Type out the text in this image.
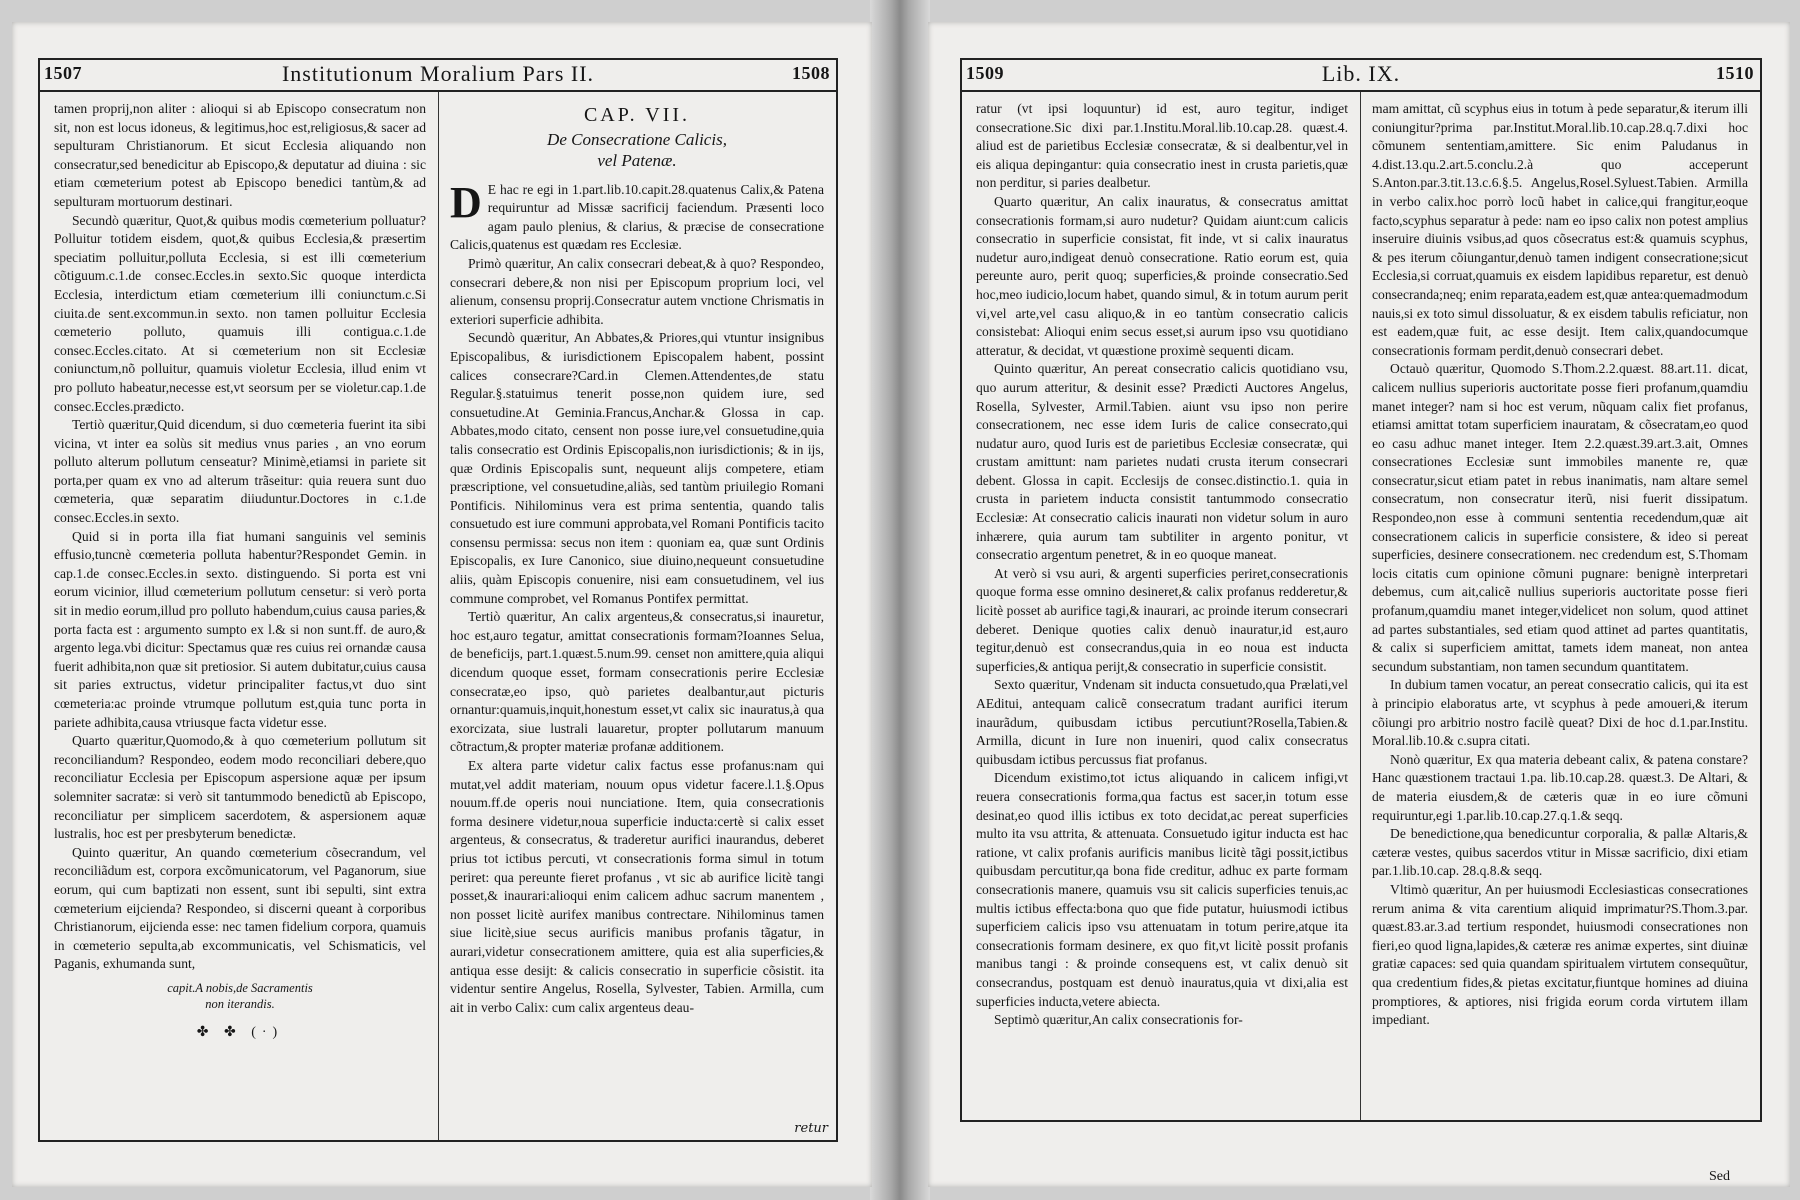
1507	Institutionum Moralium Pars II.	1508

tamen proprij,non aliter : alioqui si ab Episcopo consecratum non sit, non est locus idoneus, & legitimus,hoc est,religiosus,& sacer ad sepulturam Christianorum. Et sicut Ecclesia aliquando non consecratur,sed benedicitur ab Episcopo,& deputatur ad diuina : sic etiam cœmeterium potest ab Episcopo benedici tantùm,& ad sepulturam mortuorum destinari.

Secundò quæritur, Quot,& quibus modis cœmeterium polluatur? Polluitur totidem eisdem, quot,& quibus Ecclesia,& præsertim speciatim polluitur,polluta Ecclesia, si est illi cœmeterium cõtiguum.c.1.de consec.Eccles.in sexto.Sic quoque interdicta Ecclesia, interdictum etiam cœmeterium illi coniunctum.c.Si ciuita.de sent.excommun.in sexto. non tamen polluitur Ecclesia cœmeterio polluto, quamuis illi contigua.c.1.de consec.Eccles.citato. At si cœmeterium non sit Ecclesiæ coniunctum,nõ polluitur, quamuis violetur Ecclesia, illud enim vt pro polluto habeatur,necesse est,vt seorsum per se violetur.cap.1.de consec.Eccles.prædicto.

Tertiò quæritur,Quid dicendum, si duo cœmeteria fuerint ita sibi vicina, vt inter ea solùs sit medius vnus paries , an vno eorum polluto alterum pollutum censeatur? Minimè,etiamsi in pariete sit porta,per quam ex vno ad alterum trãseitur: quia reuera sunt duo cœmeteria, quæ separatim diiuduntur.Doctores in c.1.de consec.Eccles.in sexto.

Quid si in porta illa fiat humani sanguinis vel seminis effusio,tuncnè cœmeteria polluta habentur?Respondet Gemin. in cap.1.de consec.Eccles.in sexto. distinguendo. Si porta est vni eorum vicinior, illud cœmeterium pollutum censetur: si verò porta sit in medio eorum,illud pro polluto habendum,cuius causa paries,& porta facta est : argumento sumpto ex l.& si non sunt.ff. de auro,& argento lega.vbi dicitur: Spectamus quæ res cuius rei ornandæ causa fuerit adhibita,non quæ sit pretiosior. Si autem dubitatur,cuius causa sit paries extructus, videtur principaliter factus,vt duo sint cœmeteria:ac proinde vtrumque pollutum est,quia tunc porta in pariete adhibita,causa vtriusque facta videtur esse.

Quarto quæritur,Quomodo,& à quo cœmeterium pollutum sit reconciliandum? Respondeo, eodem modo reconciliari debere,quo reconciliatur Ecclesia per Episcopum aspersione aquæ per ipsum solemniter sacratæ: si verò sit tantummodo benedictũ ab Episcopo, reconciliatur per simplicem sacerdotem, & aspersionem aquæ lustralis, hoc est per presbyterum benedictæ.

Quinto quæritur, An quando cœmeterium cõsecrandum, vel reconciliãdum est, corpora excõmunicatorum, vel Paganorum, siue eorum, qui cum baptizati non essent, sunt ibi sepulti, sint extra cœmeterium eijcienda? Respondeo, si discerni queant à corporibus Christianorum, eijcienda esse: nec tamen fidelium corpora, quamuis in cœmeterio sepulta,ab excommunicatis, vel Schismaticis, vel Paganis, exhumanda sunt,

capit.A nobis,de Sacramentis
non iterandis.
✤ ✤ (·)
CAP. VII.
De Consecratione Calicis,
vel Patenæ.

D E hac re egi in 1.part.lib.10.capit.28.quatenus Calix,& Patena requiruntur ad Missæ sacrificij faciendum. Præsenti loco agam paulo plenius, & clarius, & præcise de consecratione Calicis,quatenus est quædam res Ecclesiæ.

Primò quæritur, An calix consecrari debeat,& à quo? Respondeo, consecrari debere,& non nisi per Episcopum proprium loci, vel alienum, consensu proprij.Consecratur autem vnctione Chrismatis in exteriori superficie adhibita.

Secundò quæritur, An Abbates,& Priores,qui vtuntur insignibus Episcopalibus, & iurisdictionem Episcopalem habent, possint calices consecrare?Card.in Clemen.Attendentes,de statu Regular.§.statuimus tenerit posse,non quidem iure, sed consuetudine.At Geminia.Francus,Anchar.& Glossa in cap. Abbates,modo citato, censent non posse iure,vel consuetudine,quia talis consecratio est Ordinis Episcopalis,non iurisdictionis; & in ijs, quæ Ordinis Episcopalis sunt, nequeunt alijs competere, etiam præscriptione, vel consuetudine,aliàs, sed tantùm priuilegio Romani Pontificis. Nihilominus vera est prima sententia, quando talis consuetudo est iure communi approbata,vel Romani Pontificis tacito consensu permissa: secus non item : quoniam ea, quæ sunt Ordinis Episcopalis, ex Iure Canonico, siue diuino,nequeunt consuetudine aliis, quàm Episcopis conuenire, nisi eam consuetudinem, vel ius commune comprobet, vel Romanus Pontifex permittat.

Tertiò quæritur, An calix argenteus,& consecratus,si inauretur, hoc est,auro tegatur, amittat consecrationis formam?Ioannes Selua, de beneficijs, part.1.quæst.5.num.99. censet non amittere,quia aliqui dicendum quoque esset, formam consecrationis perire Ecclesiæ consecratæ,eo ipso, quò parietes dealbantur,aut picturis ornantur:quamuis,inquit,honestum esset,vt calix sic inauratus,à qua exorcizata, siue lustrali lauaretur, propter pollutarum manuum cõtractum,& propter materiæ profanæ additionem.

Ex altera parte videtur calix factus esse profanus:nam qui mutat,vel addit materiam, nouum opus videtur facere.l.1.§.Opus nouum.ff.de operis noui nunciatione. Item, quia consecrationis forma desinere videtur,noua superficie inducta:certè si calix esset argenteus, & consecratus, & traderetur aurifici inaurandus, deberet prius tot ictibus percuti, vt consecrationis forma simul in totum periret: qua pereunte fieret profanus , vt sic ab aurifice licitè tangi posset,& inaurari:alioqui enim calicem adhuc sacrum manentem , non posset licitè aurifex manibus contrectare. Nihilominus tamen siue licitè,siue secus aurificis manibus profanis tãgatur, in aurari,videtur consecrationem amittere, quia est alia superficies,& antiqua esse desijt: & calicis consecratio in superficie cõsistit. ita videntur sentire Angelus, Rosella, Sylvester, Tabien. Armilla, cum ait in verbo Calix: cum calix argenteus deau-

retur
1509	Lib. IX.	1510

ratur (vt ipsi loquuntur) id est, auro tegitur, indiget consecratione.Sic dixi par.1.Institu.Moral.lib.10.cap.28. quæst.4. aliud est de parietibus Ecclesiæ consecratæ, & si dealbentur,vel in eis aliqua depingantur: quia consecratio inest in crusta parietis,quæ non perditur, si paries dealbetur.

Quarto quæritur, An calix inauratus, & consecratus amittat consecrationis formam,si auro nudetur? Quidam aiunt:cum calicis consecratio in superficie consistat, fit inde, vt si calix inauratus nudetur auro,indigeat denuò consecratione. Ratio eorum est, quia pereunte auro, perit quoq; superficies,& proinde consecratio.Sed hoc,meo iudicio,locum habet, quando simul, & in totum aurum perit vi,vel arte,vel casu aliquo,& in eo tantùm consecratio calicis consistebat: Alioqui enim secus esset,si aurum ipso vsu quotidiano atteratur, & decidat, vt quæstione proximè sequenti dicam.

Quinto quæritur, An pereat consecratio calicis quotidiano vsu, quo aurum atteritur, & desinit esse? Prædicti Auctores Angelus, Rosella, Sylvester, Armil.Tabien. aiunt vsu ipso non perire consecrationem, nec esse idem Iuris de calice consecrato,qui nudatur auro, quod Iuris est de parietibus Ecclesiæ consecratæ, qui crustam amittunt: nam parietes nudati crusta iterum consecrari debent. Glossa in capit. Ecclesijs de consec.distinctio.1. quia in crusta in parietem inducta consistit tantummodo consecratio Ecclesiæ: At consecratio calicis inaurati non videtur solum in auro inhærere, quia aurum tam subtiliter in argento ponitur, vt consecratio argentum penetret, & in eo quoque maneat.

At verò si vsu auri, & argenti superficies periret,consecrationis quoque forma esse omnino desineret,& calix profanus redderetur,& licitè posset ab aurifice tagi,& inaurari, ac proinde iterum consecrari deberet. Denique quoties calix denuò inauratur,id est,auro tegitur,denuò est consecrandus,quia in eo noua est inducta superficies,& antiqua perijt,& consecratio in superficie consistit.

Sexto quæritur, Vndenam sit inducta consuetudo,qua Prælati,vel AEditui, antequam calicẽ consecratum tradant aurifici iterum inaurãdum, quibusdam ictibus percutiunt?Rosella,Tabien.& Armilla, dicunt in Iure non inueniri, quod calix consecratus quibusdam ictibus percussus fiat profanus.

Dicendum existimo,tot ictus aliquando in calicem infigi,vt reuera consecrationis forma,qua factus est sacer,in totum esse desinat,eo quod illis ictibus ex toto decidat,ac pereat superficies multo ita vsu attrita, & attenuata. Consuetudo igitur inducta est hac ratione, vt calix profanis aurificis manibus licitè tãgi possit,ictibus quibusdam percutitur,qa bona fide creditur, adhuc ex parte formam consecrationis manere, quamuis vsu sit calicis superficies tenuis,ac multis ictibus effecta:bona quo que fide putatur, huiusmodi ictibus superficiem calicis ipso vsu attenuatam in totum perire,atque ita consecrationis formam desinere, ex quo fit,vt licitè possit profanis manibus tangi : & proinde consequens est, vt calix denuò sit consecrandus, postquam est denuò inauratus,quia vt dixi,alia est superficies inducta,vetere abiecta.

Septimò quæritur,An calix consecrationis for-

mam amittat, cũ scyphus eius in totum à pede separatur,& iterum illi coniungitur?prima par.Institut.Moral.lib.10.cap.28.q.7.dixi hoc cõmunem sententiam,amittere. Sic enim Paludanus in 4.dist.13.qu.2.art.5.conclu.2.à quo acceperunt S.Anton.par.3.tit.13.c.6.§.5. Angelus,Rosel.Syluest.Tabien. Armilla in verbo calix.hoc porrò locũ habet in calice,qui frangitur,eoque facto,scyphus separatur à pede: nam eo ipso calix non potest amplius inseruire diuinis vsibus,ad quos cõsecratus est:& quamuis scyphus, & pes iterum cõiungantur,denuò tamen indigent consecratione;sicut Ecclesia,si corruat,quamuis ex eisdem lapidibus reparetur, est denuò consecranda;neq; enim reparata,eadem est,quæ antea:quemadmodum nauis,si ex toto simul dissoluatur, & ex eisdem tabulis reficiatur, non est eadem,quæ fuit, ac esse desijt. Item calix,quandocumque consecrationis formam perdit,denuò consecrari debet.

Octauò quæritur, Quomodo S.Thom.2.2.quæst. 88.art.11. dicat, calicem nullius superioris auctoritate posse fieri profanum,quamdiu manet integer? nam si hoc est verum, nũquam calix fiet profanus, etiamsi amittat totam superficiem inauratam, & cõsecratam,eo quod eo casu adhuc manet integer. Item 2.2.quæst.39.art.3.ait, Omnes consecrationes Ecclesiæ sunt immobiles manente re, quæ consecratur,sicut etiam patet in rebus inanimatis, nam altare semel consecratum, non consecratur iterũ, nisi fuerit dissipatum. Respondeo,non esse à communi sententia recedendum,quæ ait consecrationem calicis in superficie consistere, & ideo si pereat superficies, desinere consecrationem. nec credendum est, S.Thomam locis citatis cum opinione cõmuni pugnare: benignè interpretari debemus, cum ait,calicẽ nullius superioris auctoritate posse fieri profanum,quamdiu manet integer,videlicet non solum, quod attinet ad partes substantiales, sed etiam quod attinet ad partes quantitatis, & calix si superficiem amittat, tamets idem maneat, non antea secundum substantiam, non tamen secundum quantitatem.

In dubium tamen vocatur, an pereat consecratio calicis, qui ita est à principio elaboratus arte, vt scyphus à pede amoueri,& iterum cõiungi pro arbitrio nostro facilè queat? Dixi de hoc d.1.par.Institu. Moral.lib.10.& c.supra citati.

Nonò quæritur, Ex qua materia debeant calix, & patena constare? Hanc quæstionem tractaui 1.pa. lib.10.cap.28. quæst.3. De Altari, & de materia eiusdem,& de cæteris quæ in eo iure cõmuni requiruntur,egi 1.par.lib.10.cap.27.q.1.& seqq.

De benedictione,qua benedicuntur corporalia, & pallæ Altaris,& cæteræ vestes, quibus sacerdos vtitur in Missæ sacrificio, dixi etiam par.1.lib.10.cap. 28.q.8.& seqq.

Vltimò quæritur, An per huiusmodi Ecclesiasticas consecrationes rerum anima & vita carentium aliquid imprimatur?S.Thom.3.par. quæst.83.ar.3.ad tertium respondet, huiusmodi consecrationes non fieri,eo quod ligna,lapides,& cæteræ res animæ expertes, sint diuinæ gratiæ capaces: sed quia quandam spiritualem virtutem consequũtur, qua credentium fides,& pietas excitatur,fiuntque homines ad diuina promptiores, & aptiores, nisi frigida eorum corda virtutem illam impediant.

Sed
